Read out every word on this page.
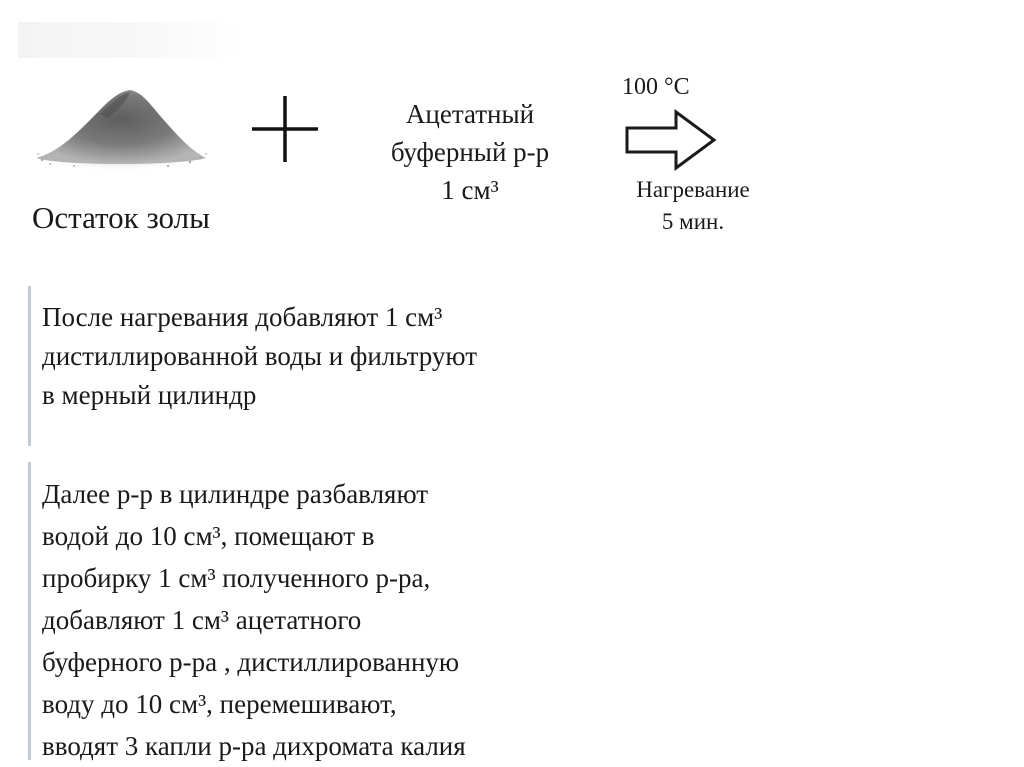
Остаток золы
Ацетатный
буферный р-р
1 см³
100 °C
Нагревание
5 мин.
После нагревания добавляют 1 см³
дистиллированной воды и фильтруют
в мерный цилиндр
Далее р-р в цилиндре разбавляют
водой до 10 см³, помещают в
пробирку 1 см³ полученного р-ра,
добавляют 1 см³ ацетатного
буферного р-ра , дистиллированную
воду до 10 см³, перемешивают,
вводят 3 капли р-ра дихромата калия
